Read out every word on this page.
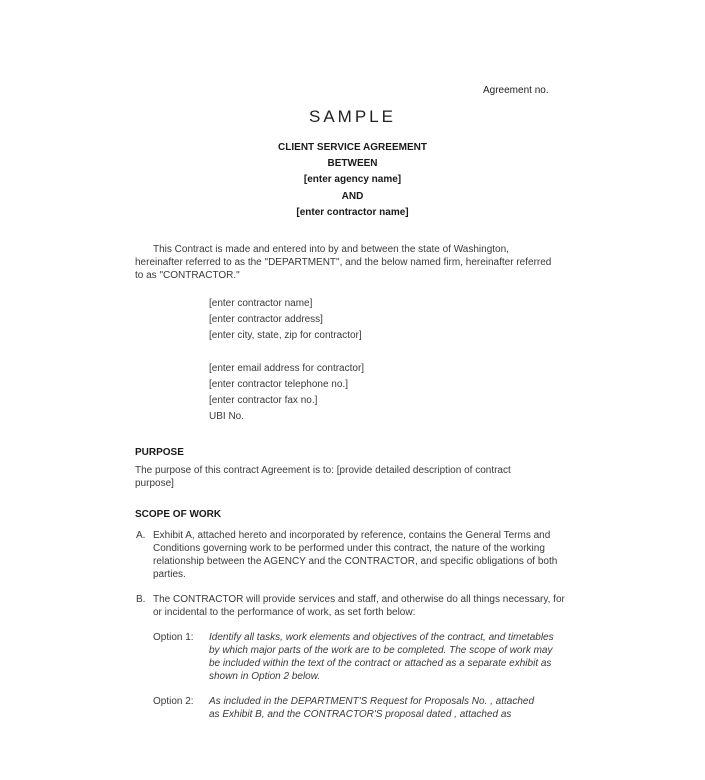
Agreement no.
SAMPLE
CLIENT SERVICE AGREEMENT
BETWEEN
[enter agency name]
AND
[enter contractor name]
This Contract is made and entered into by and between the state of Washington,
hereinafter referred to as the "DEPARTMENT", and the below named firm, hereinafter referred
to as "CONTRACTOR."
[enter contractor name]
[enter contractor address]
[enter city, state, zip for contractor]
[enter email address for contractor]
[enter contractor telephone no.]
[enter contractor fax no.]
UBI No.
PURPOSE
The purpose of this contract Agreement is to: [provide detailed description of contract
purpose]
SCOPE OF WORK
A. Exhibit A, attached hereto and incorporated by reference, contains the General Terms and
Conditions governing work to be performed under this contract, the nature of the working
relationship between the AGENCY and the CONTRACTOR, and specific obligations of both
parties.
B. The CONTRACTOR will provide services and staff, and otherwise do all things necessary, for
or incidental to the performance of work, as set forth below:
Option 1: Identify all tasks, work elements and objectives of the contract, and timetables
by which major parts of the work are to be completed. The scope of work may
be included within the text of the contract or attached as a separate exhibit as
shown in Option 2 below.
Option 2: As included in the DEPARTMENT'S Request for Proposals No. , attached
as Exhibit B, and the CONTRACTOR'S proposal dated , attached as
